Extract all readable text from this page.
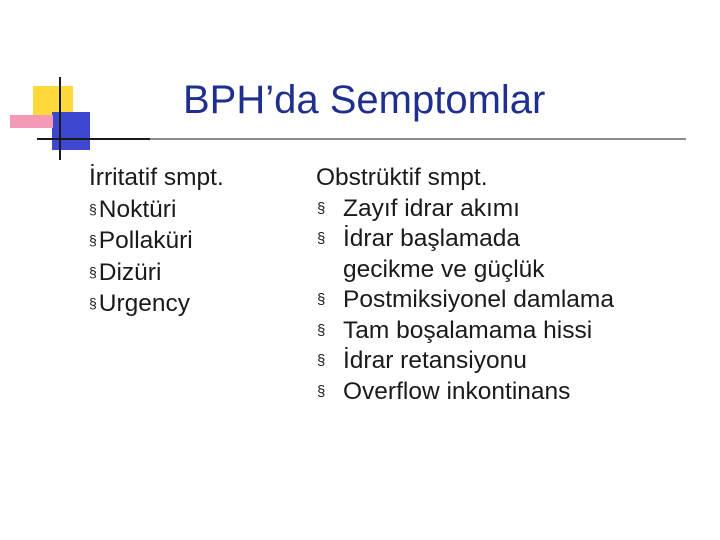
BPH’da Semptomlar
İrritatif smpt.
§Noktüri
§Pollaküri
§Dizüri
§Urgency
Obstrüktif smpt.
§ Zayıf idrar akımı
§ İdrar başlamada
gecikme ve güçlük
§ Postmiksiyonel damlama
§ Tam boşalamama hissi
§ İdrar retansiyonu
§ Overflow inkontinans
